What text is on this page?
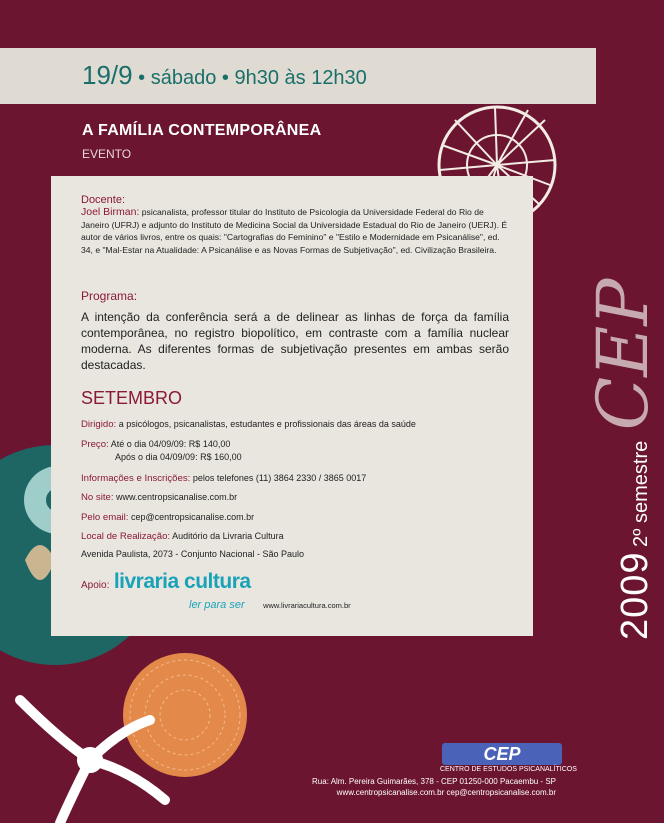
19/9 • sábado • 9h30 às 12h30
A FAMÍLIA CONTEMPORÂNEA
EVENTO
Docente:
Joel Birman: psicanalista, professor titular do Instituto de Psicologia da Universidade Federal do Rio de Janeiro (UFRJ) e adjunto do Instituto de Medicina Social da Universidade Estadual do Rio de Janeiro (UERJ). É autor de vários livros, entre os quais: "Cartografias do Feminino" e "Estilo e Modernidade em Psicanálise", ed. 34, e "Mal-Estar na Atualidade: A Psicanálise e as Novas Formas de Subjetivação", ed. Civilização Brasileira.
Programa:
A intenção da conferência será a de delinear as linhas de força da família contemporânea, no registro biopolítico, em contraste com a família nuclear moderna. As diferentes formas de subjetivação presentes em ambas serão destacadas.
SETEMBRO
Dirigido: a psicólogos, psicanalistas, estudantes e profissionais das áreas da saúde
Preço: Até o dia 04/09/09: R$ 140,00
Após o dia 04/09/09: R$ 160,00
Informações e Inscrições: pelos telefones (11) 3864 2330 / 3865 0017
No site: www.centropsicanalise.com.br
Pelo email: cep@centropsicanalise.com.br
Local de Realização: Auditório da Livraria Cultura
Avenida Paulista, 2073 - Conjunto Nacional - São Paulo
Apoio: livraria cultura
ler para ser www.livrariacultura.com.br	2009 2º semestre CEP
CEP
CENTRO DE ESTUDOS PSICANALÍTICOS
Rua: Alm. Pereira Guimarães, 378 - CEP 01250-000 Pacaembu - SP
www.centropsicanalise.com.br cep@centropsicanalise.com.br
